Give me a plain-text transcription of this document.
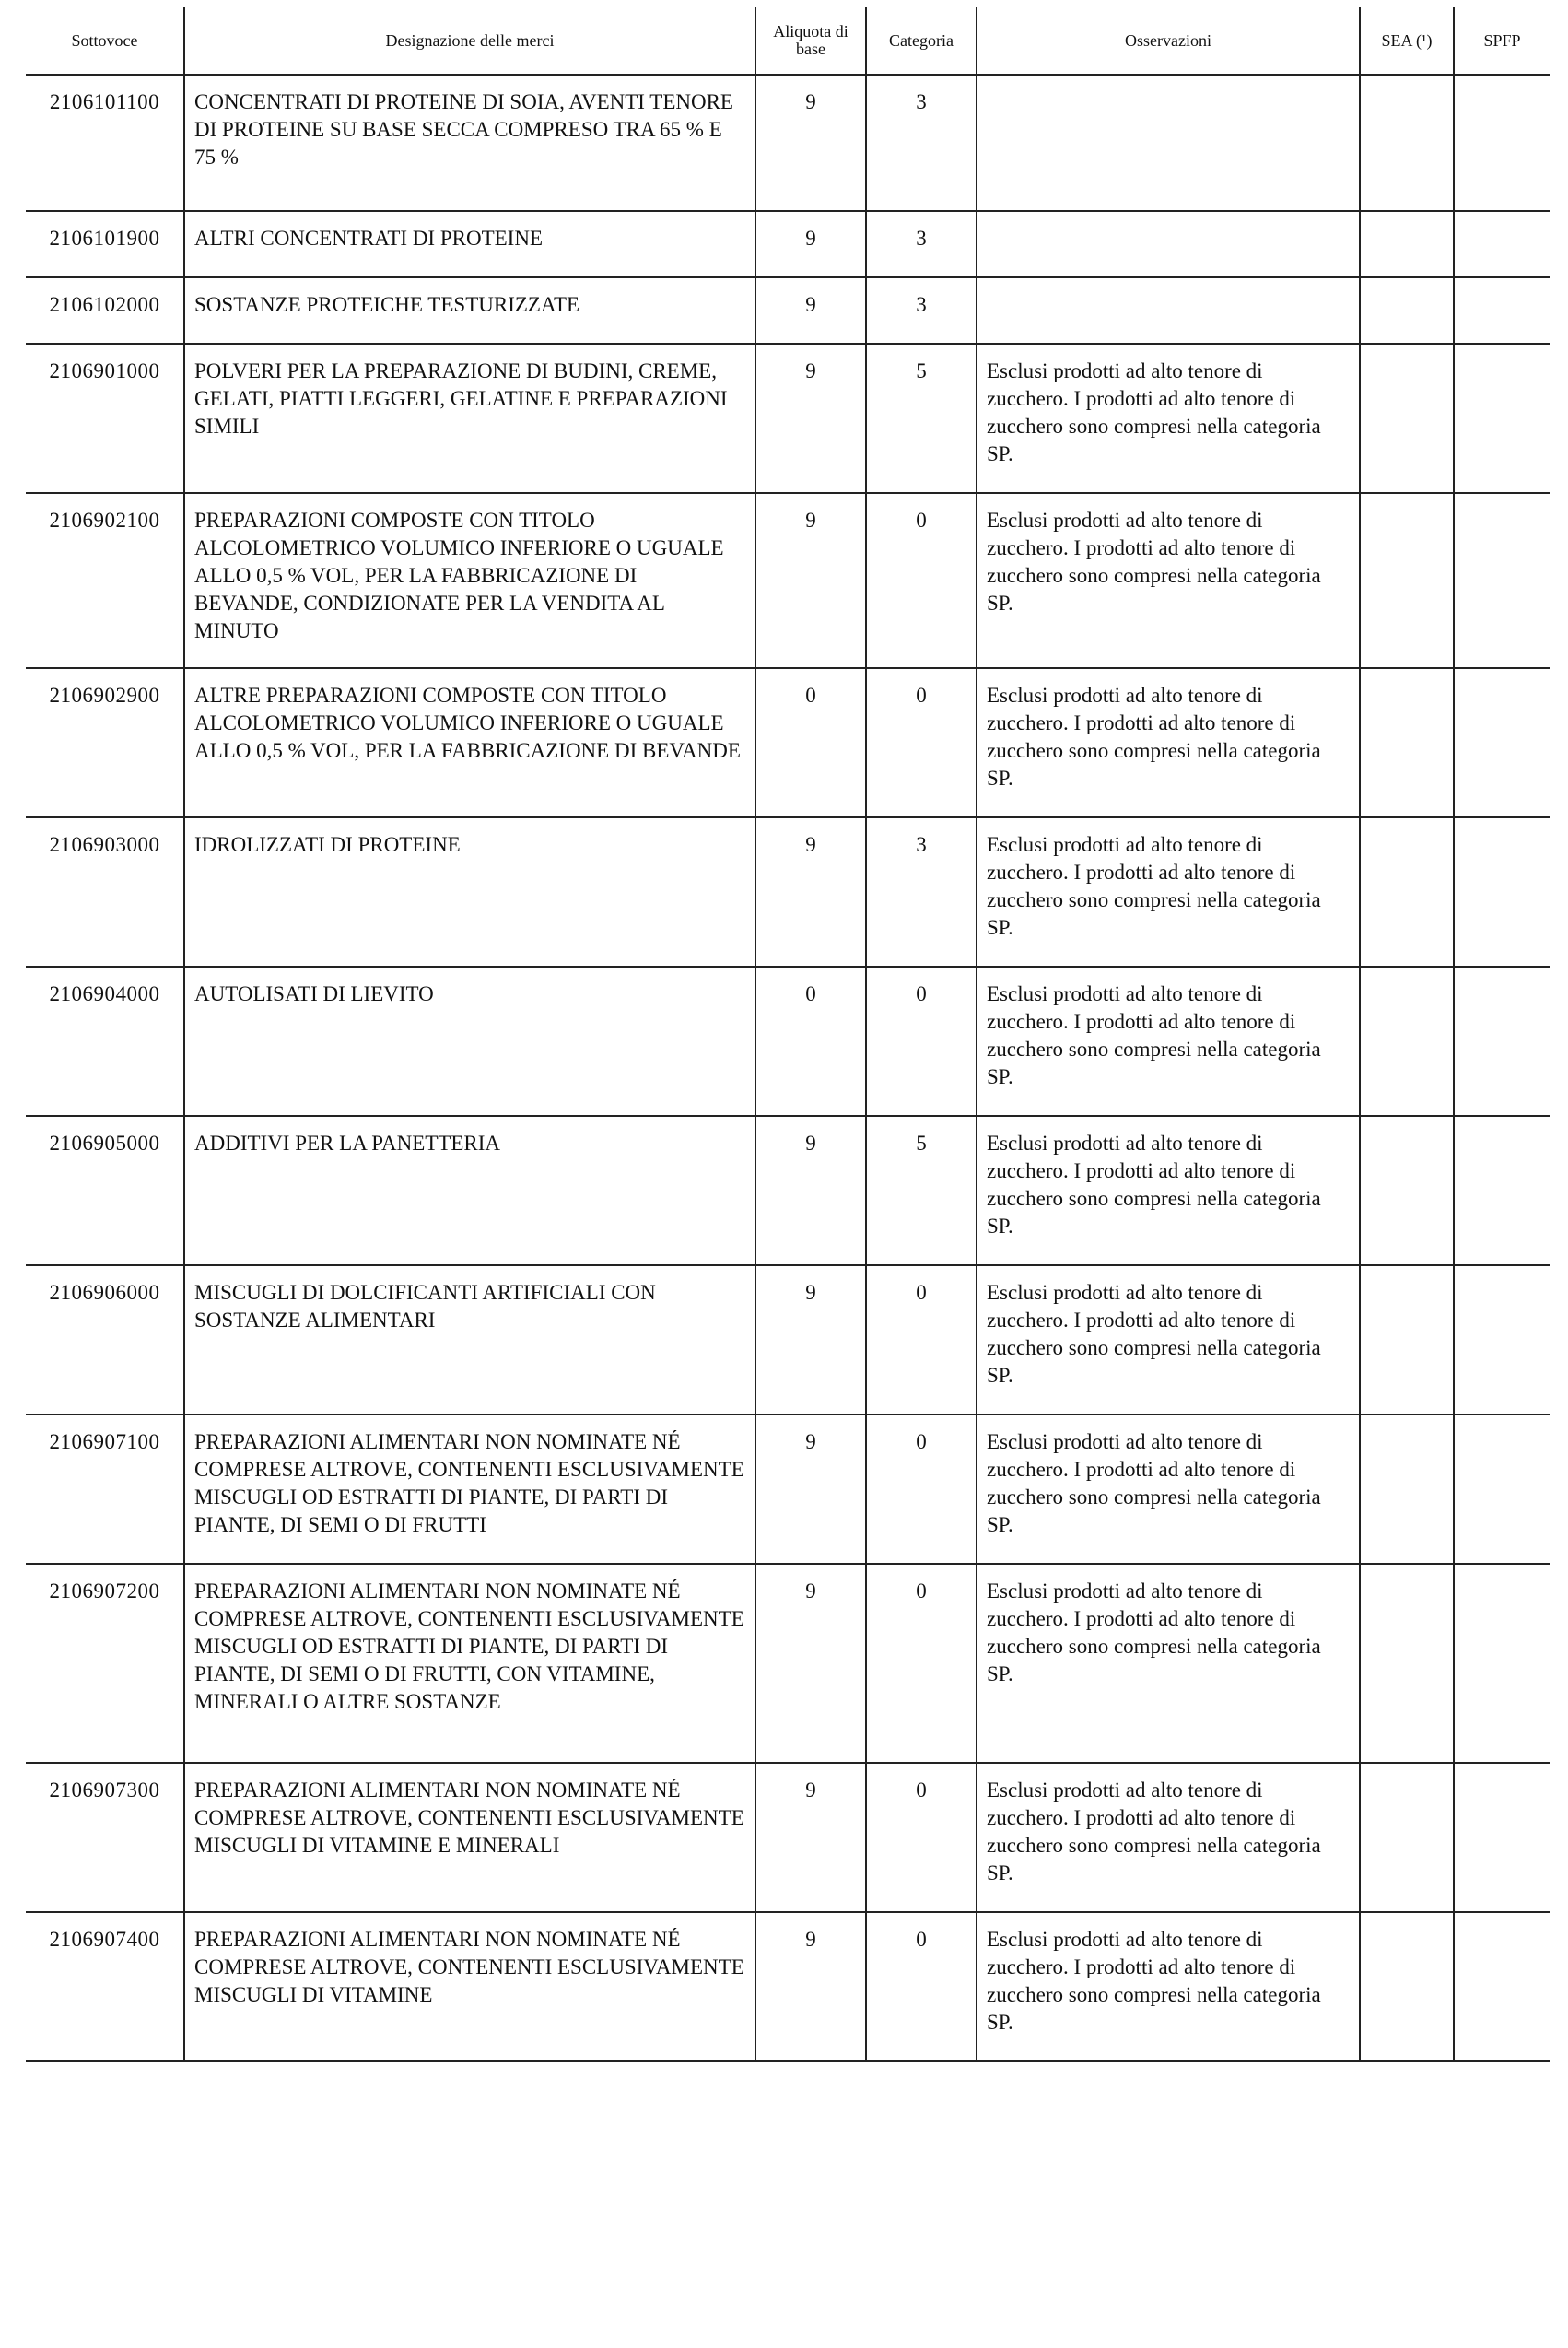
Sottovoce	Designazione delle merci	Aliquota di base	Categoria	Osservazioni	SEA (¹)	SPFP
2106101100	CONCENTRATI DI PROTEINE DI SOIA, AVENTI TENORE DI PROTEINE SU BASE SECCA COMPRESO TRA 65 % E 75 %	9	3			
2106101900	ALTRI CONCENTRATI DI PROTEINE	9	3			
2106102000	SOSTANZE PROTEICHE TESTURIZZATE	9	3			
2106901000	POLVERI PER LA PREPARAZIONE DI BUDINI, CREME, GELATI, PIATTI LEGGERI, GELATINE E PREPARAZIONI SIMILI	9	5	Esclusi prodotti ad alto tenore di zucchero. I prodotti ad alto tenore di zucchero sono compresi nella categoria SP.		
2106902100	PREPARAZIONI COMPOSTE CON TITOLO ALCOLOMETRICO VOLUMICO INFERIORE O UGUALE ALLO 0,5 % VOL, PER LA FABBRICAZIONE DI BEVANDE, CONDIZIONATE PER LA VENDITA AL MINUTO	9	0	Esclusi prodotti ad alto tenore di zucchero. I prodotti ad alto tenore di zucchero sono compresi nella categoria SP.		
2106902900	ALTRE PREPARAZIONI COMPOSTE CON TITOLO ALCOLOMETRICO VOLUMICO INFERIORE O UGUALE ALLO 0,5 % VOL, PER LA FABBRICAZIONE DI BEVANDE	0	0	Esclusi prodotti ad alto tenore di zucchero. I prodotti ad alto tenore di zucchero sono compresi nella categoria SP.		
2106903000	IDROLIZZATI DI PROTEINE	9	3	Esclusi prodotti ad alto tenore di zucchero. I prodotti ad alto tenore di zucchero sono compresi nella categoria SP.		
2106904000	AUTOLISATI DI LIEVITO	0	0	Esclusi prodotti ad alto tenore di zucchero. I prodotti ad alto tenore di zucchero sono compresi nella categoria SP.		
2106905000	ADDITIVI PER LA PANETTERIA	9	5	Esclusi prodotti ad alto tenore di zucchero. I prodotti ad alto tenore di zucchero sono compresi nella categoria SP.		
2106906000	MISCUGLI DI DOLCIFICANTI ARTIFICIALI CON SOSTANZE ALIMENTARI	9	0	Esclusi prodotti ad alto tenore di zucchero. I prodotti ad alto tenore di zucchero sono compresi nella categoria SP.		
2106907100	PREPARAZIONI ALIMENTARI NON NOMINATE NÉ COMPRESE ALTROVE, CONTENENTI ESCLUSIVAMENTE MISCUGLI OD ESTRATTI DI PIANTE, DI PARTI DI PIANTE, DI SEMI O DI FRUTTI	9	0	Esclusi prodotti ad alto tenore di zucchero. I prodotti ad alto tenore di zucchero sono compresi nella categoria SP.		
2106907200	PREPARAZIONI ALIMENTARI NON NOMINATE NÉ COMPRESE ALTROVE, CONTENENTI ESCLUSIVAMENTE MISCUGLI OD ESTRATTI DI PIANTE, DI PARTI DI PIANTE, DI SEMI O DI FRUTTI, CON VITAMINE, MINERALI O ALTRE SOSTANZE	9	0	Esclusi prodotti ad alto tenore di zucchero. I prodotti ad alto tenore di zucchero sono compresi nella categoria SP.		
2106907300	PREPARAZIONI ALIMENTARI NON NOMINATE NÉ COMPRESE ALTROVE, CONTENENTI ESCLUSIVAMENTE MISCUGLI DI VITAMINE E MINERALI	9	0	Esclusi prodotti ad alto tenore di zucchero. I prodotti ad alto tenore di zucchero sono compresi nella categoria SP.		
2106907400	PREPARAZIONI ALIMENTARI NON NOMINATE NÉ COMPRESE ALTROVE, CONTENENTI ESCLUSIVAMENTE MISCUGLI DI VITAMINE	9	0	Esclusi prodotti ad alto tenore di zucchero. I prodotti ad alto tenore di zucchero sono compresi nella categoria SP.		
